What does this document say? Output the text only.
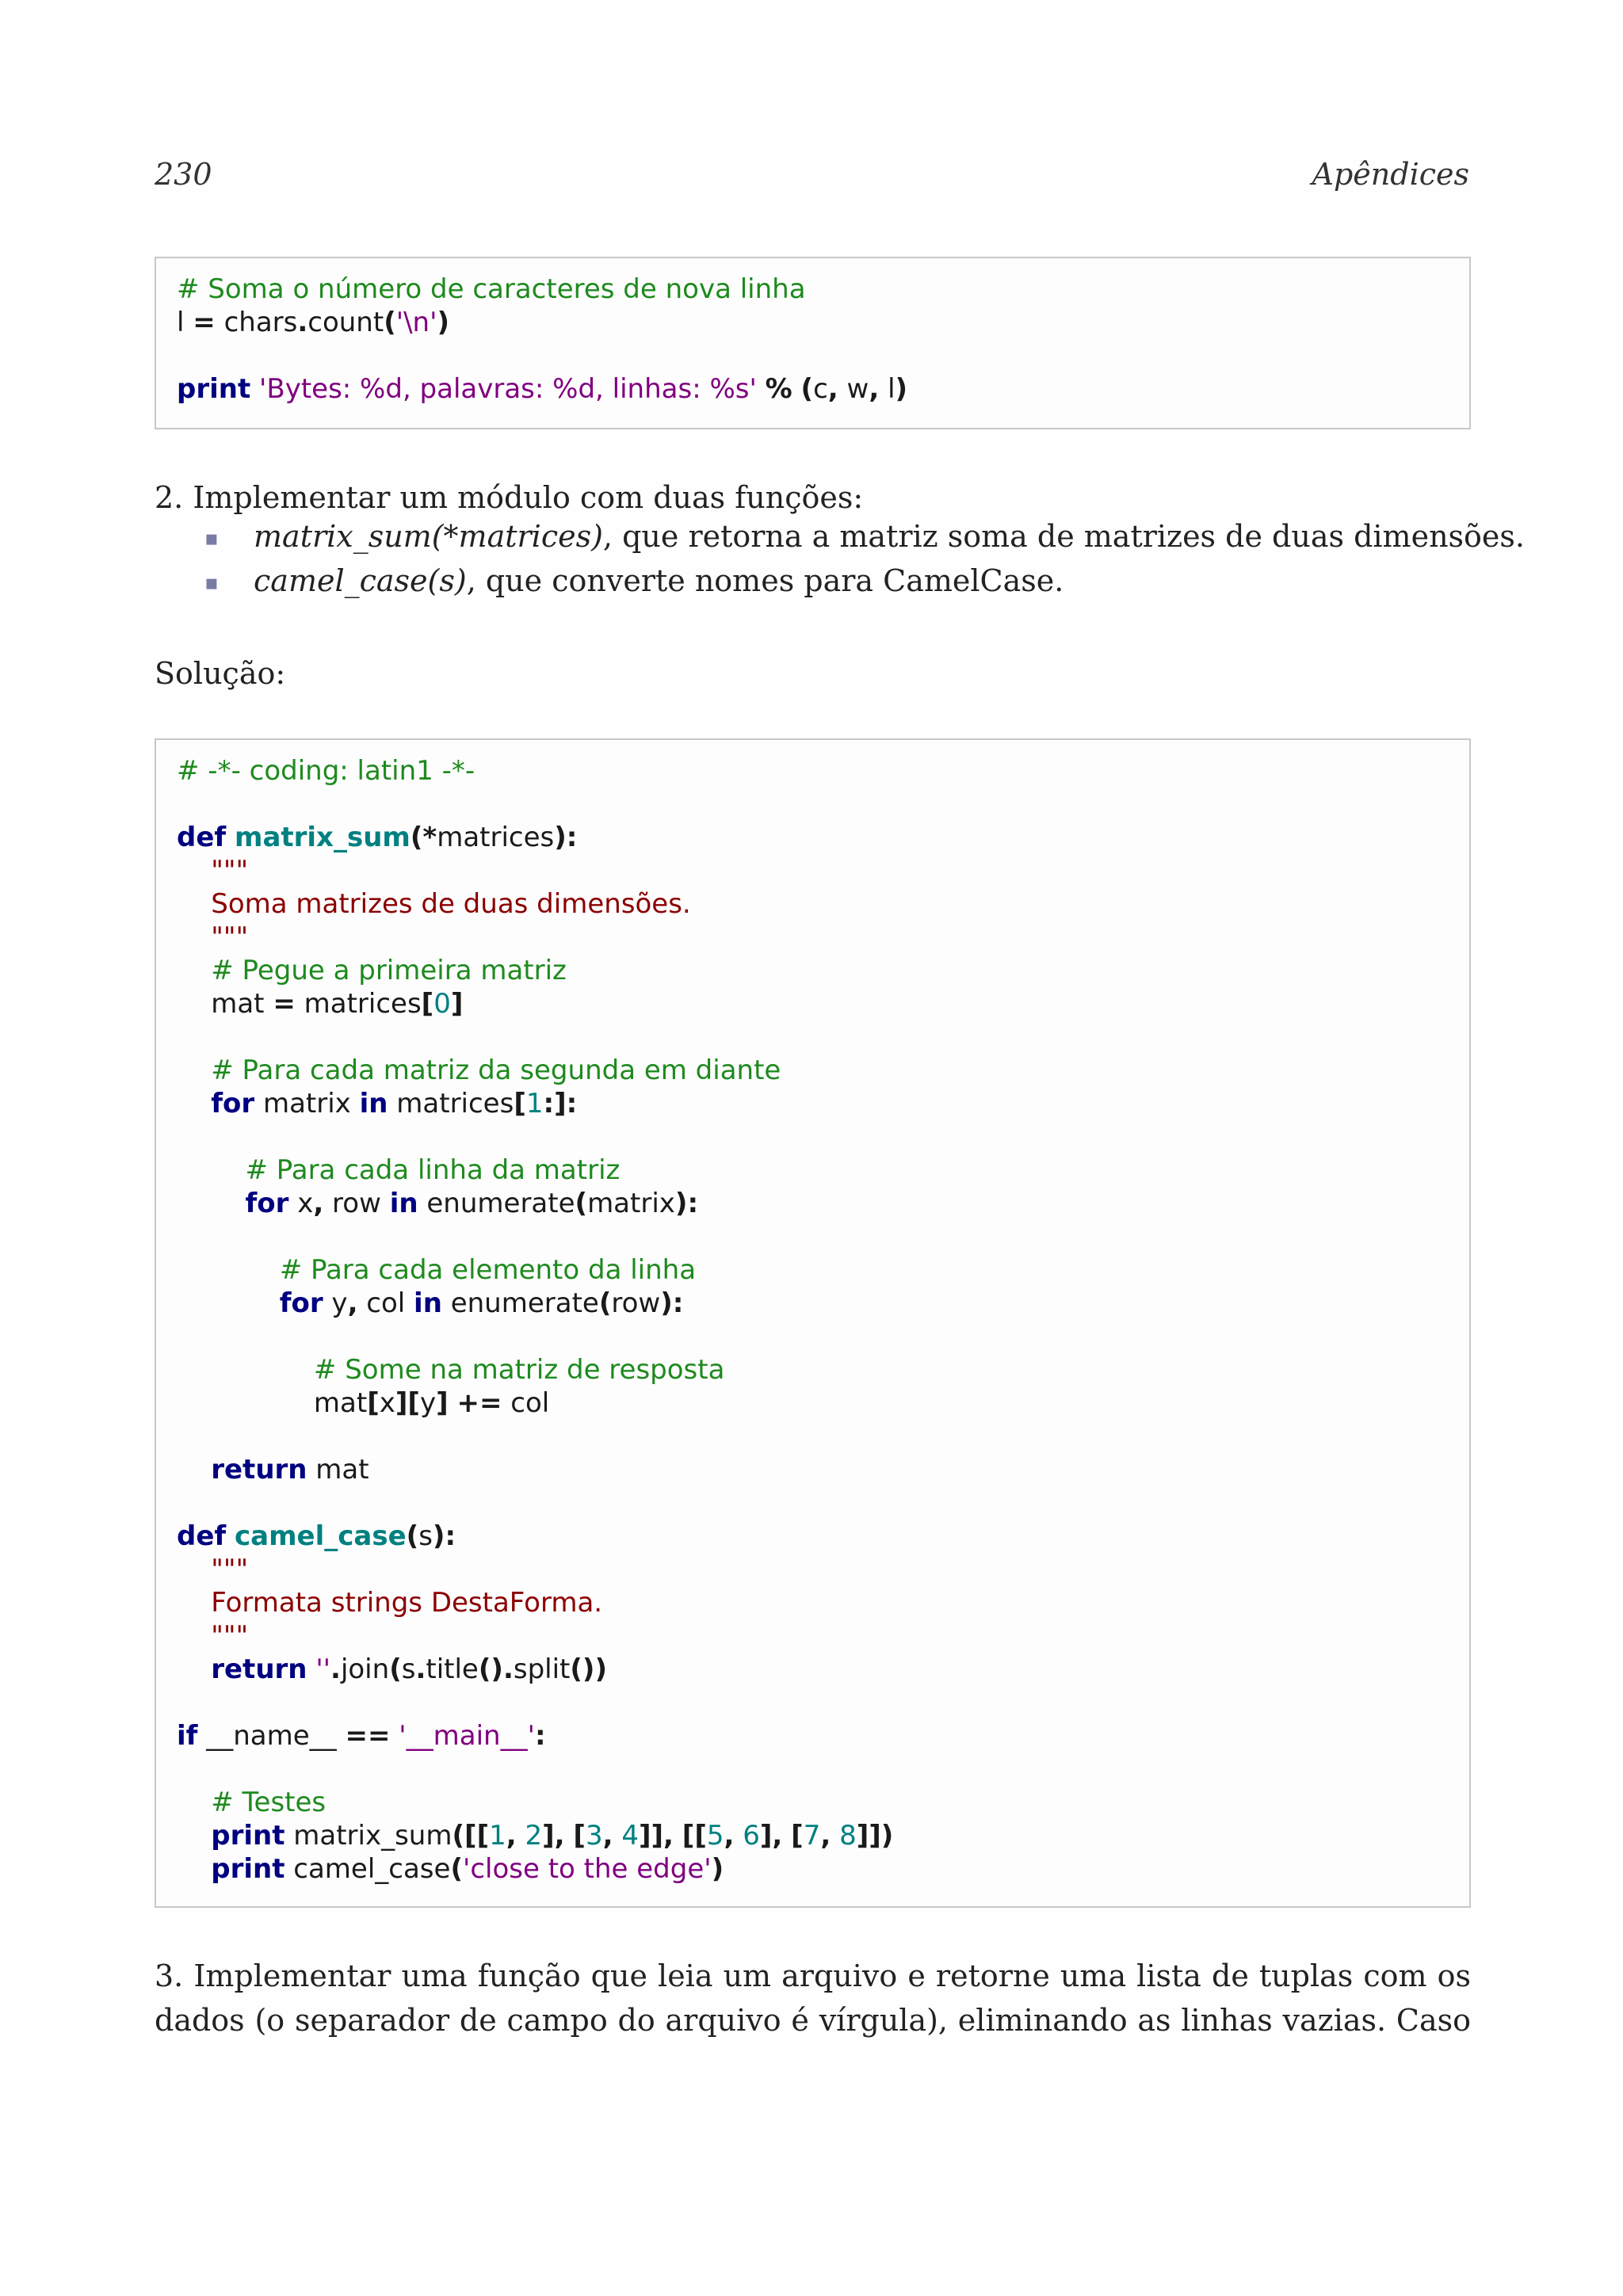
230	Apêndices
# Soma o número de caracteres de nova linha
l = chars.count('\n')
print 'Bytes: %d, palavras: %d, linhas: %s' % (c, w, l)
2. Implementar um módulo com duas funções:
▪ matrix_sum(*matrices), que retorna a matriz soma de matrizes de duas dimensões.
▪ camel_case(s), que converte nomes para CamelCase.
Solução:
# -*- coding: latin1 -*-
def matrix_sum(*matrices):
"""
Soma matrizes de duas dimensões.
"""
# Pegue a primeira matriz
mat = matrices[0]
# Para cada matriz da segunda em diante
for matrix in matrices[1:]:
# Para cada linha da matriz
for x, row in enumerate(matrix):
# Para cada elemento da linha
for y, col in enumerate(row):
# Some na matriz de resposta
mat[x][y] += col
return mat
def camel_case(s):
"""
Formata strings DestaForma.
"""
return ''.join(s.title().split())
if __name__ == '__main__':
# Testes
print matrix_sum([[1, 2], [3, 4]], [[5, 6], [7, 8]])
print camel_case('close to the edge')
3. Implementar uma função que leia um arquivo e retorne uma lista de tuplas com os
dados (o separador de campo do arquivo é vírgula), eliminando as linhas vazias. Caso
